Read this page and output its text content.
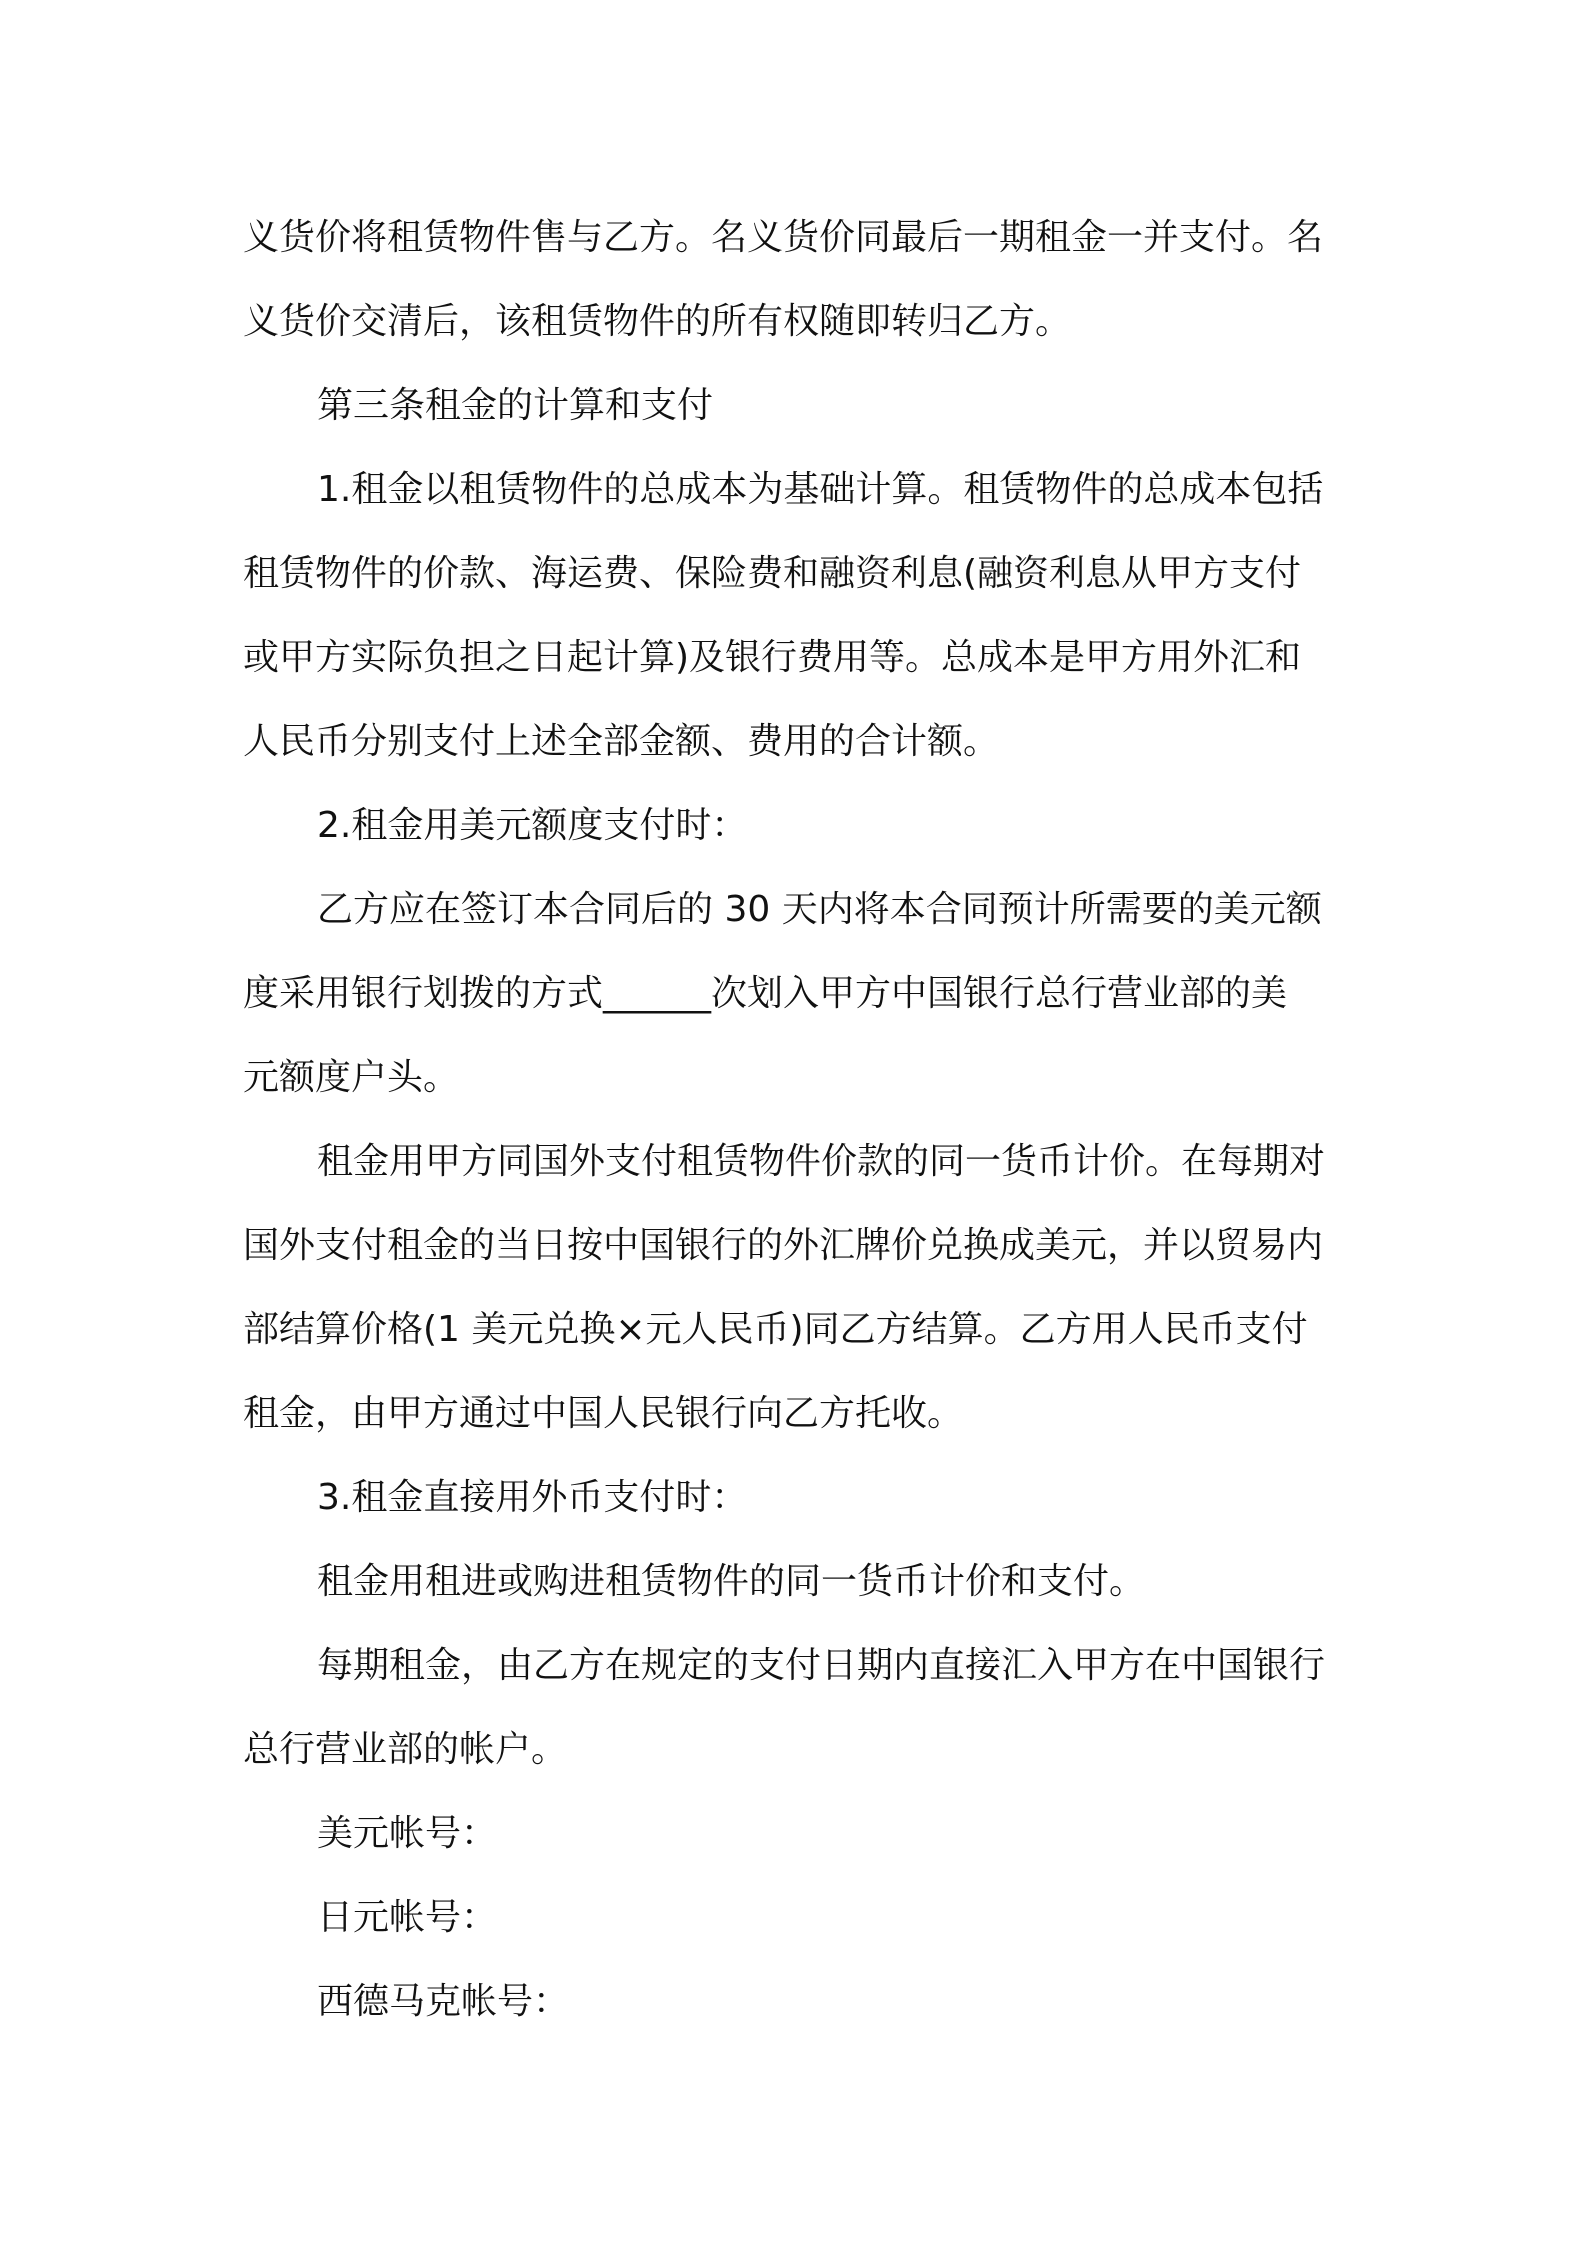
义货价将租赁物件售与乙方。名义货价同最后一期租金一并支付。名
义货价交清后，该租赁物件的所有权随即转归乙方。
第三条租金的计算和支付
1.租金以租赁物件的总成本为基础计算。租赁物件的总成本包括
租赁物件的价款、海运费、保险费和融资利息(融资利息从甲方支付
或甲方实际负担之日起计算)及银行费用等。总成本是甲方用外汇和
人民币分别支付上述全部金额、费用的合计额。
2.租金用美元额度支付时：
乙方应在签订本合同后的 30 天内将本合同预计所需要的美元额
度采用银行划拨的方式______次划入甲方中国银行总行营业部的美
元额度户头。
租金用甲方同国外支付租赁物件价款的同一货币计价。在每期对
国外支付租金的当日按中国银行的外汇牌价兑换成美元，并以贸易内
部结算价格(1 美元兑换×元人民币)同乙方结算。乙方用人民币支付
租金，由甲方通过中国人民银行向乙方托收。
3.租金直接用外币支付时：
租金用租进或购进租赁物件的同一货币计价和支付。
每期租金，由乙方在规定的支付日期内直接汇入甲方在中国银行
总行营业部的帐户。
美元帐号：
日元帐号：
西德马克帐号：
